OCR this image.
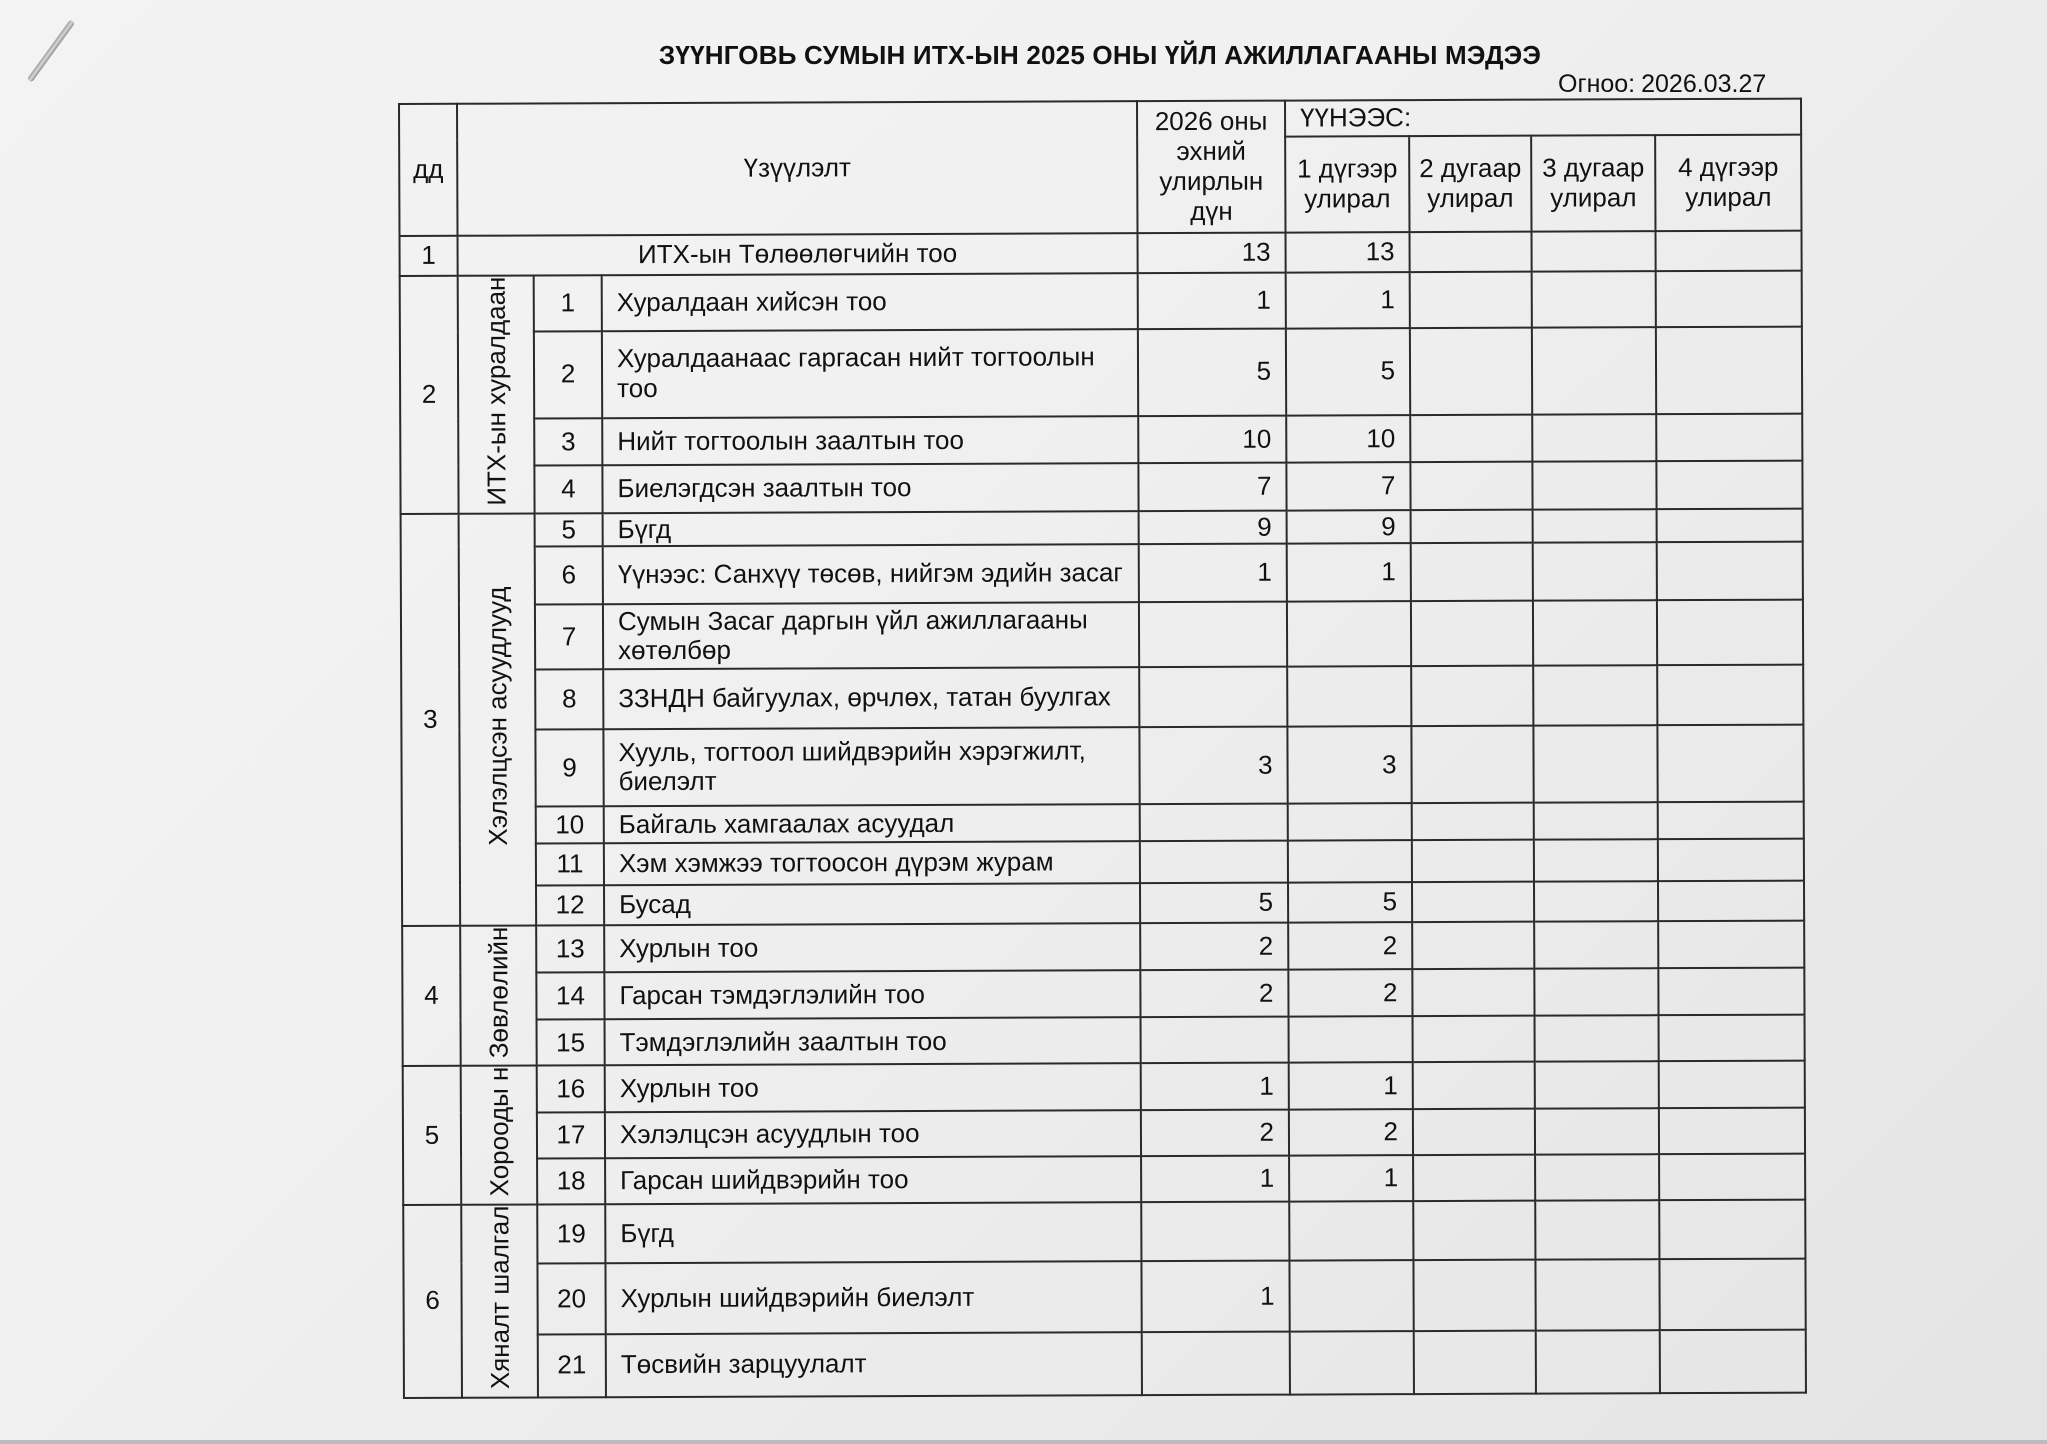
ЗҮҮНГОВЬ СУМЫН ИТХ-ЫН 2025 ОНЫ ҮЙЛ АЖИЛЛАГААНЫ МЭДЭЭ
Огноо: 2026.03.27
дд	Үзүүлэлт			2026 оны эхний улирлын дүн	ҮҮНЭЭС:			
					1 дүгээр улирал	2 дугаар улирал	3 дугаар улирал	4 дүгээр улирал
1	ИТХ-ын Төлөөлөгчийн тоо			13	13			
2	ИТХ-ын хуралдаан	1	Хуралдаан хийсэн тоо	1	1			
		2	Хуралдаанаас гаргасан нийт тогтоолын тоо	5	5			
		3	Нийт тогтоолын заалтын тоо	10	10			
		4	Биелэгдсэн заалтын тоо	7	7			
3	Хэлэлцсэн асуудлууд	5	Бүгд	9	9			
		6	Үүнээс: Санхүү төсөв, нийгэм эдийн засаг	1	1			
		7	Сумын Засаг даргын үйл ажиллагааны хөтөлбөр					
		8	ЗЗНДН байгуулах, өрчлөх, татан буулгах					
		9	Хууль, тогтоол шийдвэрийн хэрэгжилт, биелэлт	3	3			
		10	Байгаль хамгаалах асуудал					
		11	Хэм хэмжээ тогтоосон дүрэм журам					
		12	Бусад	5	5			
4	Зөвлөлийн	13	Хурлын тоо	2	2			
		14	Гарсан тэмдэглэлийн тоо	2	2			
		15	Тэмдэглэлийн заалтын тоо					
5	Хорооды н	16	Хурлын тоо	1	1			
		17	Хэлэлцсэн асуудлын тоо	2	2			
		18	Гарсан шийдвэрийн тоо	1	1			
6	Хяналт шалгал	19	Бүгд					
		20	Хурлын шийдвэрийн биелэлт	1				
		21	Төсвийн зарцуулалт					
